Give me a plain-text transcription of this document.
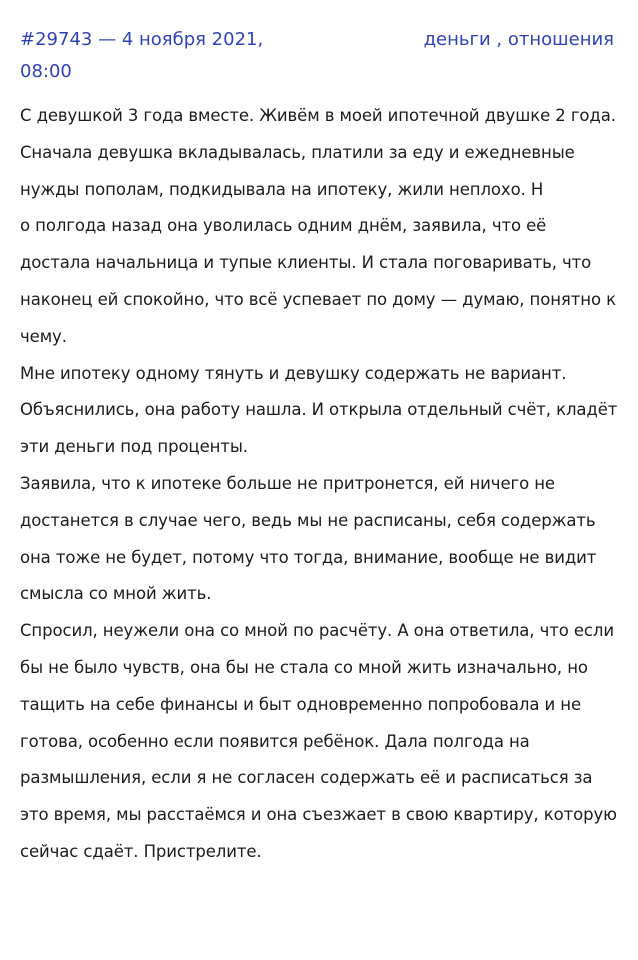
#29743 — 4 ноября 2021,
08:00
деньги , отношения

С девушкой 3 года вместе. Живём в моей ипотечной двушке 2 года. Сначала девушка вкладывалась, платили за еду и ежедневные нужды пополам, подкидывала на ипотеку, жили неплохо. Н

о полгода назад она уволилась одним днём, заявила, что её достала начальница и тупые клиенты. И стала поговаривать, что наконец ей спокойно, что всё успевает по дому — думаю, понятно к чему.

Мне ипотеку одному тянуть и девушку содержать не вариант. Объяснились, она работу нашла. И открыла отдельный счёт, кладёт эти деньги под проценты.

Заявила, что к ипотеке больше не притронется, ей ничего не достанется в случае чего, ведь мы не расписаны, себя содержать она тоже не будет, потому что тогда, внимание, вообще не видит смысла со мной жить.

Спросил, неужели она со мной по расчёту. А она ответила, что если бы не было чувств, она бы не стала со мной жить изначально, но тащить на себе финансы и быт одновременно попробовала и не готова, особенно если появится ребёнок. Дала полгода на размышления, если я не согласен содержать её и расписаться за это время, мы расстаёмся и она съезжает в свою квартиру, которую сейчас сдаёт. Пристрелите.
